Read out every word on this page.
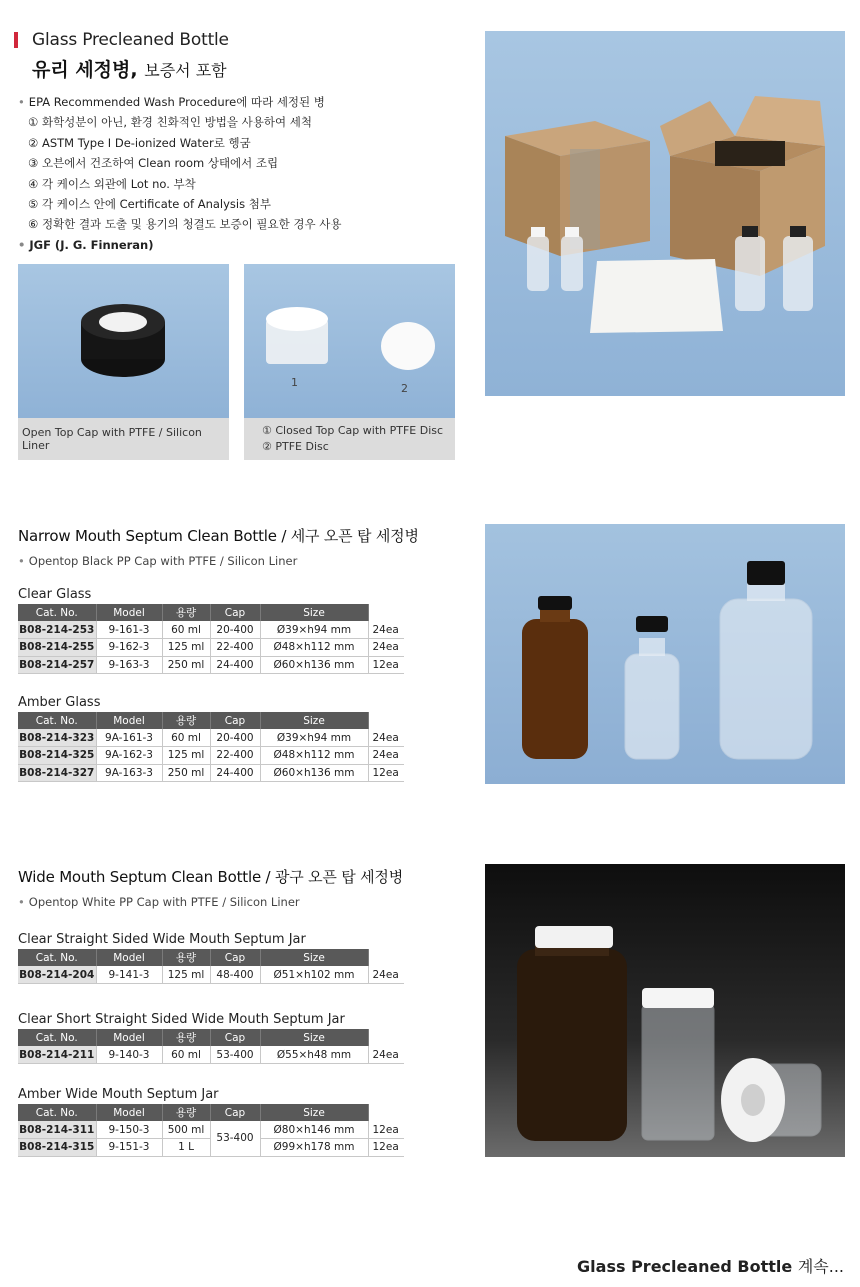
Glass Precleaned Bottle
유리 세정병, 보증서 포함
• EPA Recommended Wash Procedure에 따라 세정된 병
① 화학성분이 아닌, 환경 친화적인 방법을 사용하여 세척
② ASTM Type I De-ionized Water로 헹굼
③ 오븐에서 건조하여 Clean room 상태에서 조립
④ 각 케이스 외관에 Lot no. 부착
⑤ 각 케이스 안에 Certificate of Analysis 첨부
⑥ 정확한 결과 도출 및 용기의 청결도 보증이 필요한 경우 사용
• JGF (J. G. Finneran)
Open Top Cap with PTFE / Silicon Liner
1	2
① Closed Top Cap with PTFE Disc
② PTFE Disc
Narrow Mouth Septum Clean Bottle / 세구 오픈 탑 세정병
• Opentop Black PP Cap with PTFE / Silicon Liner
Clear Glass
Cat. No.	Model	용량	Cap	Size	
B08-214-253	9-161-3	60 ml	20-400	Ø39×h94 mm	24ea
B08-214-255	9-162-3	125 ml	22-400	Ø48×h112 mm	24ea
B08-214-257	9-163-3	250 ml	24-400	Ø60×h136 mm	12ea
Amber Glass
Cat. No.	Model	용량	Cap	Size	
B08-214-323	9A-161-3	60 ml	20-400	Ø39×h94 mm	24ea
B08-214-325	9A-162-3	125 ml	22-400	Ø48×h112 mm	24ea
B08-214-327	9A-163-3	250 ml	24-400	Ø60×h136 mm	12ea
Wide Mouth Septum Clean Bottle / 광구 오픈 탑 세정병
• Opentop White PP Cap with PTFE / Silicon Liner
Clear Straight Sided Wide Mouth Septum Jar
Cat. No.	Model	용량	Cap	Size	
B08-214-204	9-141-3	125 ml	48-400	Ø51×h102 mm	24ea
Clear Short Straight Sided Wide Mouth Septum Jar
Cat. No.	Model	용량	Cap	Size	
B08-214-211	9-140-3	60 ml	53-400	Ø55×h48 mm	24ea
Amber Wide Mouth Septum Jar
Cat. No.	Model	용량	Cap	Size	
B08-214-311	9-150-3	500 ml	53-400	Ø80×h146 mm	12ea
B08-214-315	9-151-3	1 L		Ø99×h178 mm	12ea
Glass Precleaned Bottle 계속...
